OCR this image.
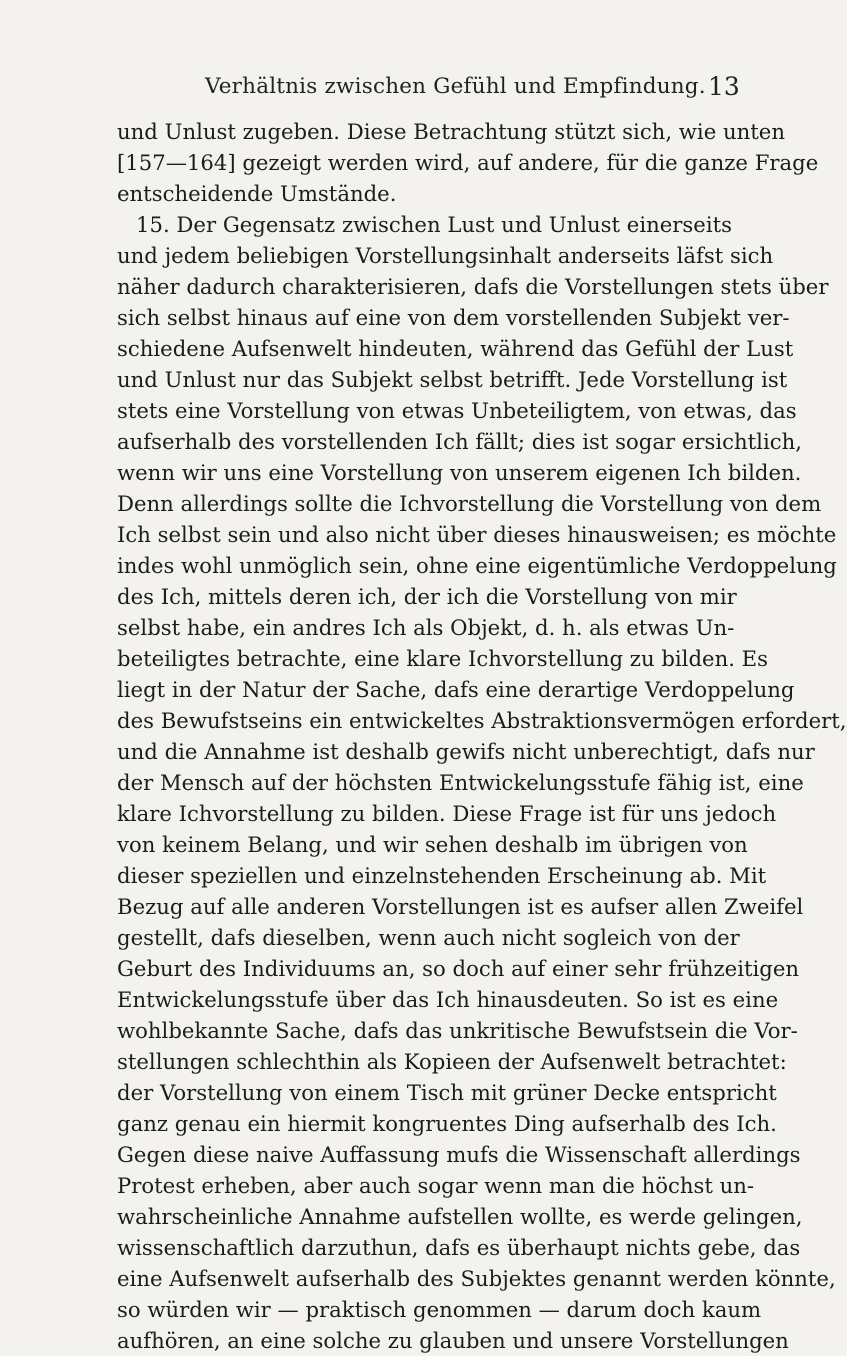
Verhältnis zwischen Gefühl und Empfindung. 13
und Unlust zugeben. Diese Betrachtung stützt sich, wie unten
[157—164] gezeigt werden wird, auf andere, für die ganze Frage
entscheidende Umstände.
15. Der Gegensatz zwischen Lust und Unlust einerseits
und jedem beliebigen Vorstellungsinhalt anderseits läfst sich
näher dadurch charakterisieren, dafs die Vorstellungen stets über
sich selbst hinaus auf eine von dem vorstellenden Subjekt ver-
schiedene Aufsenwelt hindeuten, während das Gefühl der Lust
und Unlust nur das Subjekt selbst betrifft. Jede Vorstellung ist
stets eine Vorstellung von etwas Unbeteiligtem, von etwas, das
aufserhalb des vorstellenden Ich fällt; dies ist sogar ersichtlich,
wenn wir uns eine Vorstellung von unserem eigenen Ich bilden.
Denn allerdings sollte die Ichvorstellung die Vorstellung von dem
Ich selbst sein und also nicht über dieses hinausweisen; es möchte
indes wohl unmöglich sein, ohne eine eigentümliche Verdoppelung
des Ich, mittels deren ich, der ich die Vorstellung von mir
selbst habe, ein andres Ich als Objekt, d. h. als etwas Un-
beteiligtes betrachte, eine klare Ichvorstellung zu bilden. Es
liegt in der Natur der Sache, dafs eine derartige Verdoppelung
des Bewufstseins ein entwickeltes Abstraktionsvermögen erfordert,
und die Annahme ist deshalb gewifs nicht unberechtigt, dafs nur
der Mensch auf der höchsten Entwickelungsstufe fähig ist, eine
klare Ichvorstellung zu bilden. Diese Frage ist für uns jedoch
von keinem Belang, und wir sehen deshalb im übrigen von
dieser speziellen und einzelnstehenden Erscheinung ab. Mit
Bezug auf alle anderen Vorstellungen ist es aufser allen Zweifel
gestellt, dafs dieselben, wenn auch nicht sogleich von der
Geburt des Individuums an, so doch auf einer sehr frühzeitigen
Entwickelungsstufe über das Ich hinausdeuten. So ist es eine
wohlbekannte Sache, dafs das unkritische Bewufstsein die Vor-
stellungen schlechthin als Kopieen der Aufsenwelt betrachtet:
der Vorstellung von einem Tisch mit grüner Decke entspricht
ganz genau ein hiermit kongruentes Ding aufserhalb des Ich.
Gegen diese naive Auffassung mufs die Wissenschaft allerdings
Protest erheben, aber auch sogar wenn man die höchst un-
wahrscheinliche Annahme aufstellen wollte, es werde gelingen,
wissenschaftlich darzuthun, dafs es überhaupt nichts gebe, das
eine Aufsenwelt aufserhalb des Subjektes genannt werden könnte,
so würden wir — praktisch genommen — darum doch kaum
aufhören, an eine solche zu glauben und unsere Vorstellungen
